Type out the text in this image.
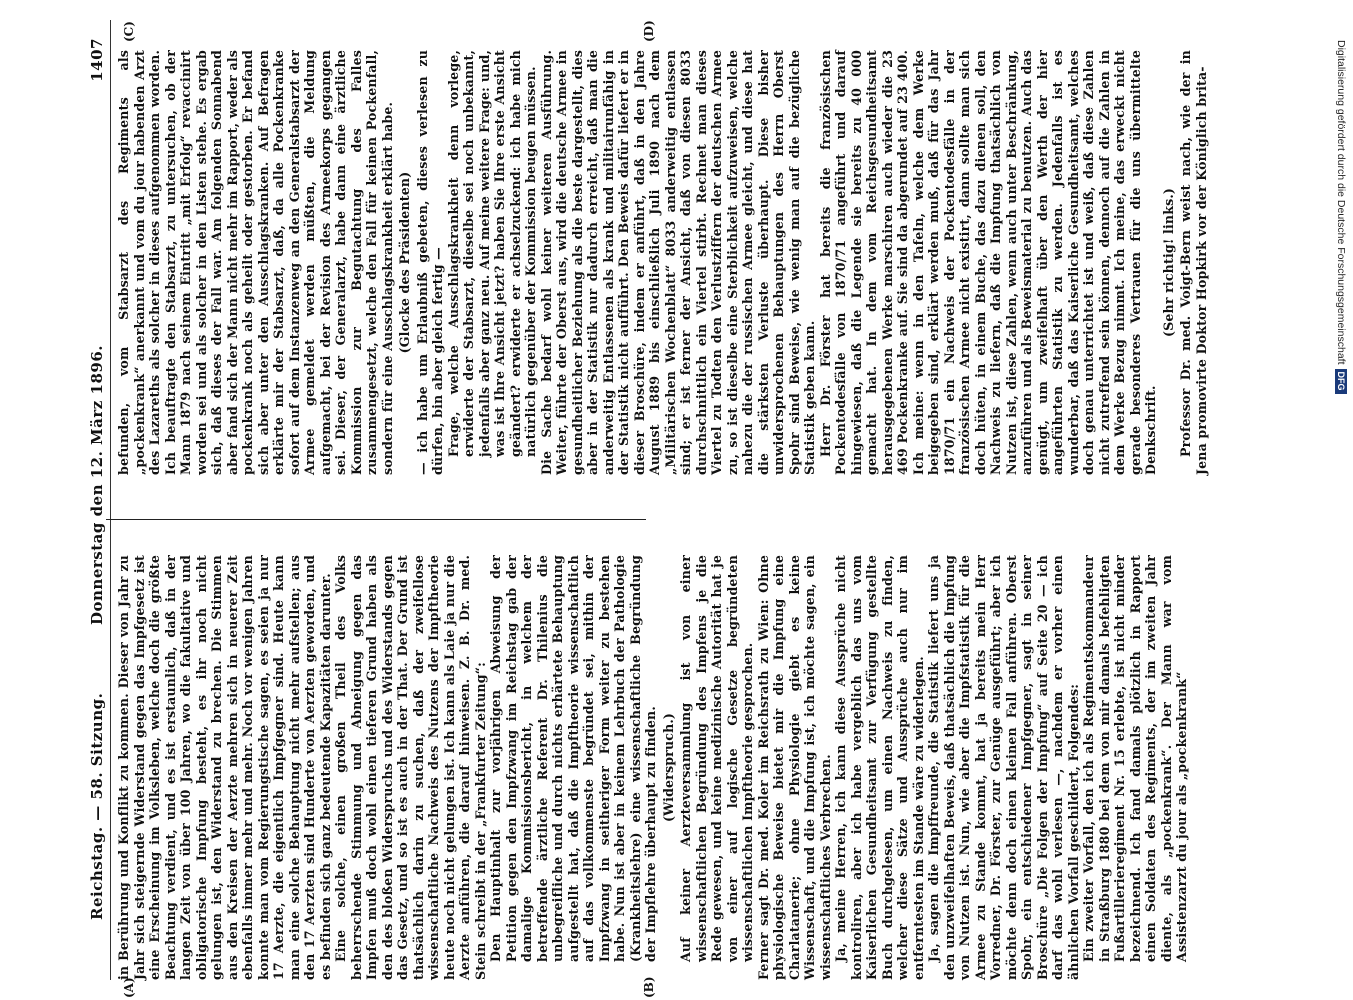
Reichstag. — 58. Sitzung.
Donnerstag den 12. März 1896.
1407
(A)	(B)
(C)	(D)

in Berührung und Konflikt zu kommen. Dieser von Jahr zu Jahr sich steigernde Widerstand gegen das Impfgesetz ist eine Erscheinung im Volksleben, welche doch die größte Beachtung verdient, und es ist erstaunlich, daß in der langen Zeit von über 100 Jahren, wo die fakultative und obligatorische Impfung besteht, es ihr noch nicht gelungen ist, den Widerstand zu brechen. Die Stimmen aus den Kreisen der Aerzte mehren sich in neuerer Zeit ebenfalls immer mehr und mehr. Noch vor wenigen Jahren konnte man vom Regierungstische sagen, es seien ja nur 17 Aerzte, die eigentlich Impfgegner sind. Heute kann man eine solche Behauptung nicht mehr aufstellen; aus den 17 Aerzten sind Hunderte von Aerzten geworden, und es befinden sich ganz bedeutende Kapazitäten darunter. Eine solche, einen großen Theil des Volks beherrschende Stimmung und Abneigung gegen das Impfen muß doch wohl einen tieferen Grund haben als den des bloßen Widerspruchs und des Widerstands gegen das Gesetz, und so ist es auch in der That. Der Grund ist thatsächlich darin zu suchen, daß der zweifellose wissenschaftliche Nachweis des Nutzens der Impftheorie heute noch nicht gelungen ist. Ich kann als Laie ja nur die Aerzte anführen, die darauf hinweisen. Z. B. Dr. med. Stein schreibt in der „Frankfurter Zeitung“: Den Hauptinhalt zur vorjährigen Abweisung der Petition gegen den Impfzwang im Reichstag gab der damalige Kommissionsbericht, in welchem der betreffende ärztliche Referent Dr. Thilenius die unbegreifliche und durch nichts erhärtete Behauptung aufgestellt hat, daß die Impftheorie wissenschaftlich auf das vollkommenste begründet sei, mithin der Impfzwang in seitheriger Form weiter zu bestehen habe. Nun ist aber in keinem Lehrbuch der Pathologie (Krankheitslehre) eine wissenschaftliche Begründung der Impflehre überhaupt zu finden. (Widerspruch.) Auf keiner Aerzteversammlung ist von einer wissenschaftlichen Begründung des Impfens je die Rede gewesen, und keine medizinische Autorität hat je von einer auf logische Gesetze begründeten wissenschaftlichen Impftheorie gesprochen. Ferner sagt Dr. med. Koler im Reichsrath zu Wien: Ohne physiologische Beweise bietet mir die Impfung eine Charlatanerie; ohne Physiologie giebt es keine Wissenschaft, und die Impfung ist, ich möchte sagen, ein wissenschaftliches Verbrechen. Ja, meine Herren, ich kann diese Aussprüche nicht kontroliren, aber ich habe vergeblich das uns vom Kaiserlichen Gesundheitsamt zur Verfügung gestellte Buch durchgelesen, um einen Nachweis zu finden, welcher diese Sätze und Aussprüche auch nur im entferntesten im Stande wäre zu widerlegen. Ja, sagen die Impffreunde, die Statistik liefert uns ja den unzweifelhaften Beweis, daß thatsächlich die Impfung von Nutzen ist. Nun, wie aber die Impfstatistik für die Armee zu Stande kommt, hat ja bereits mein Herr Vorredner, Dr. Förster, zur Genüge ausgeführt; aber ich möchte denn doch einen kleinen Fall anführen. Oberst Spohr, ein entschiedener Impfgegner, sagt in seiner Broschüre „Die Folgen der Impfung“ auf Seite 20 — ich darf das wohl verlesen —, nachdem er vorher einen ähnlichen Vorfall geschildert, Folgendes: Ein zweiter Vorfall, den ich als Regimentskommandeur in Straßburg 1880 bei dem von mir damals befehligten Fußartillerieregiment Nr. 15 erlebte, ist nicht minder bezeichnend. Ich fand damals plötzlich in Rapport einen Soldaten des Regiments, der im zweiten Jahr diente, als „pockenkrank“. Der Mann war vom Assistenzarzt du jour als „pockenkrank“

befunden, vom Stabsarzt des Regiments als „pockenkrank“ anerkannt und vom du jour habenden Arzt des Lazareths als solcher in dieses aufgenommen worden. Ich beauftragte den Stabsarzt, zu untersuchen, ob der Mann 1879 nach seinem Eintritt „mit Erfolg“ revaccinirt worden sei und als solcher in den Listen stehe. Es ergab sich, daß dieses der Fall war. Am folgenden Sonnabend aber fand sich der Mann nicht mehr im Rapport, weder als pockenkrank noch als geheilt oder gestorben. Er befand sich aber unter den Ausschlagskranken. Auf Befragen erklärte mir der Stabsarzt, daß, da alle Pockenkranke sofort auf dem Instanzenweg an den Generalstabsarzt der Armee gemeldet werden müßten, die Meldung aufgemacht, bei der Revision des Armeekorps gegangen sei. Dieser, der Generalarzt, habe dann eine ärztliche Kommission zur Begutachtung des Falles zusammengesetzt, welche den Fall für keinen Pockenfall, sondern für eine Ausschlagskrankheit erklärt habe. (Glocke des Präsidenten) — ich habe um Erlaubniß gebeten, dieses verlesen zu dürfen, bin aber gleich fertig — Frage, welche Ausschlagskrankheit denn vorlege, erwiderte der Stabsarzt, dieselbe sei noch unbekannt, jedenfalls aber ganz neu. Auf meine weitere Frage: und, was ist Ihre Ansicht jetzt? haben Sie Ihre erste Ansicht geändert? erwiderte er achselzuckend: ich habe mich natürlich gegenüber der Kommission beugen müssen. Die Sache bedarf wohl keiner weiteren Ausführung. Weiter, führte der Oberst aus, wird die deutsche Armee in gesundheitlicher Beziehung als die beste dargestellt, dies aber in der Statistik nur dadurch erreicht, daß man die anderweitig Entlassenen als krank und militairunfähig in der Statistik nicht aufführt. Den Beweis dafür liefert er in dieser Broschüre, indem er anführt, daß in den Jahre August 1889 bis einschließlich Juli 1890 nach dem „Militärischen Wochenblatt“ 8033 anderweitig entlassen sind; er ist ferner der Ansicht, daß von diesen 8033 durchschnittlich ein Viertel stirbt. Rechnet man dieses Viertel zu Todten den Verlustziffern der deutschen Armee zu, so ist dieselbe eine Sterblichkeit aufzuweisen, welche nahezu die der russischen Armee gleicht, und diese hat die stärksten Verluste überhaupt. Diese bisher unwidersprochenen Behauptungen des Herrn Oberst Spohr sind Beweise, wie wenig man auf die bezügliche Statistik geben kann. Herr Dr. Förster hat bereits die französischen Pockentodesfälle von 1870/71 angeführt und darauf hingewiesen, daß die Legende sie bereits zu 40 000 gemacht hat. In dem vom Reichsgesundheitsamt herausgegebenen Werke marschiren auch wieder die 23 469 Pockenkranke auf. Sie sind da abgerundet auf 23 400. Ich meine: wenn in den Tafeln, welche dem Werke beigegeben sind, erklärt werden muß, daß für das Jahr 1870/71 ein Nachweis der Pockentodesfälle in der französischen Armee nicht existirt, dann sollte man sich doch hüten, in einem Buche, das dazu dienen soll, den Nachweis zu liefern, daß die Impfung thatsächlich von Nutzen ist, diese Zahlen, wenn auch unter Beschränkung, anzuführen und als Beweismaterial zu benutzen. Auch das genügt, um zweifelhaft über den Werth der hier angeführten Statistik zu werden. Jedenfalls ist es wunderbar, daß das Kaiserliche Gesundheitsamt, welches doch genau unterrichtet ist und weiß, daß diese Zahlen nicht zutreffend sein können, dennoch auf die Zahlen in dem Werke Bezug nimmt. Ich meine, das erweckt nicht gerade besonderes Vertrauen für die uns übermittelte Denkschrift.

(Sehr richtig! links.) Professor Dr. med. Voigt-Bern weist nach, wie der in Jena promovirte Doktor Hopkirk vor der Königlich brita-	Digitalisierung gefördert durch die Deutsche ForschungsgemeinschaftDFG
